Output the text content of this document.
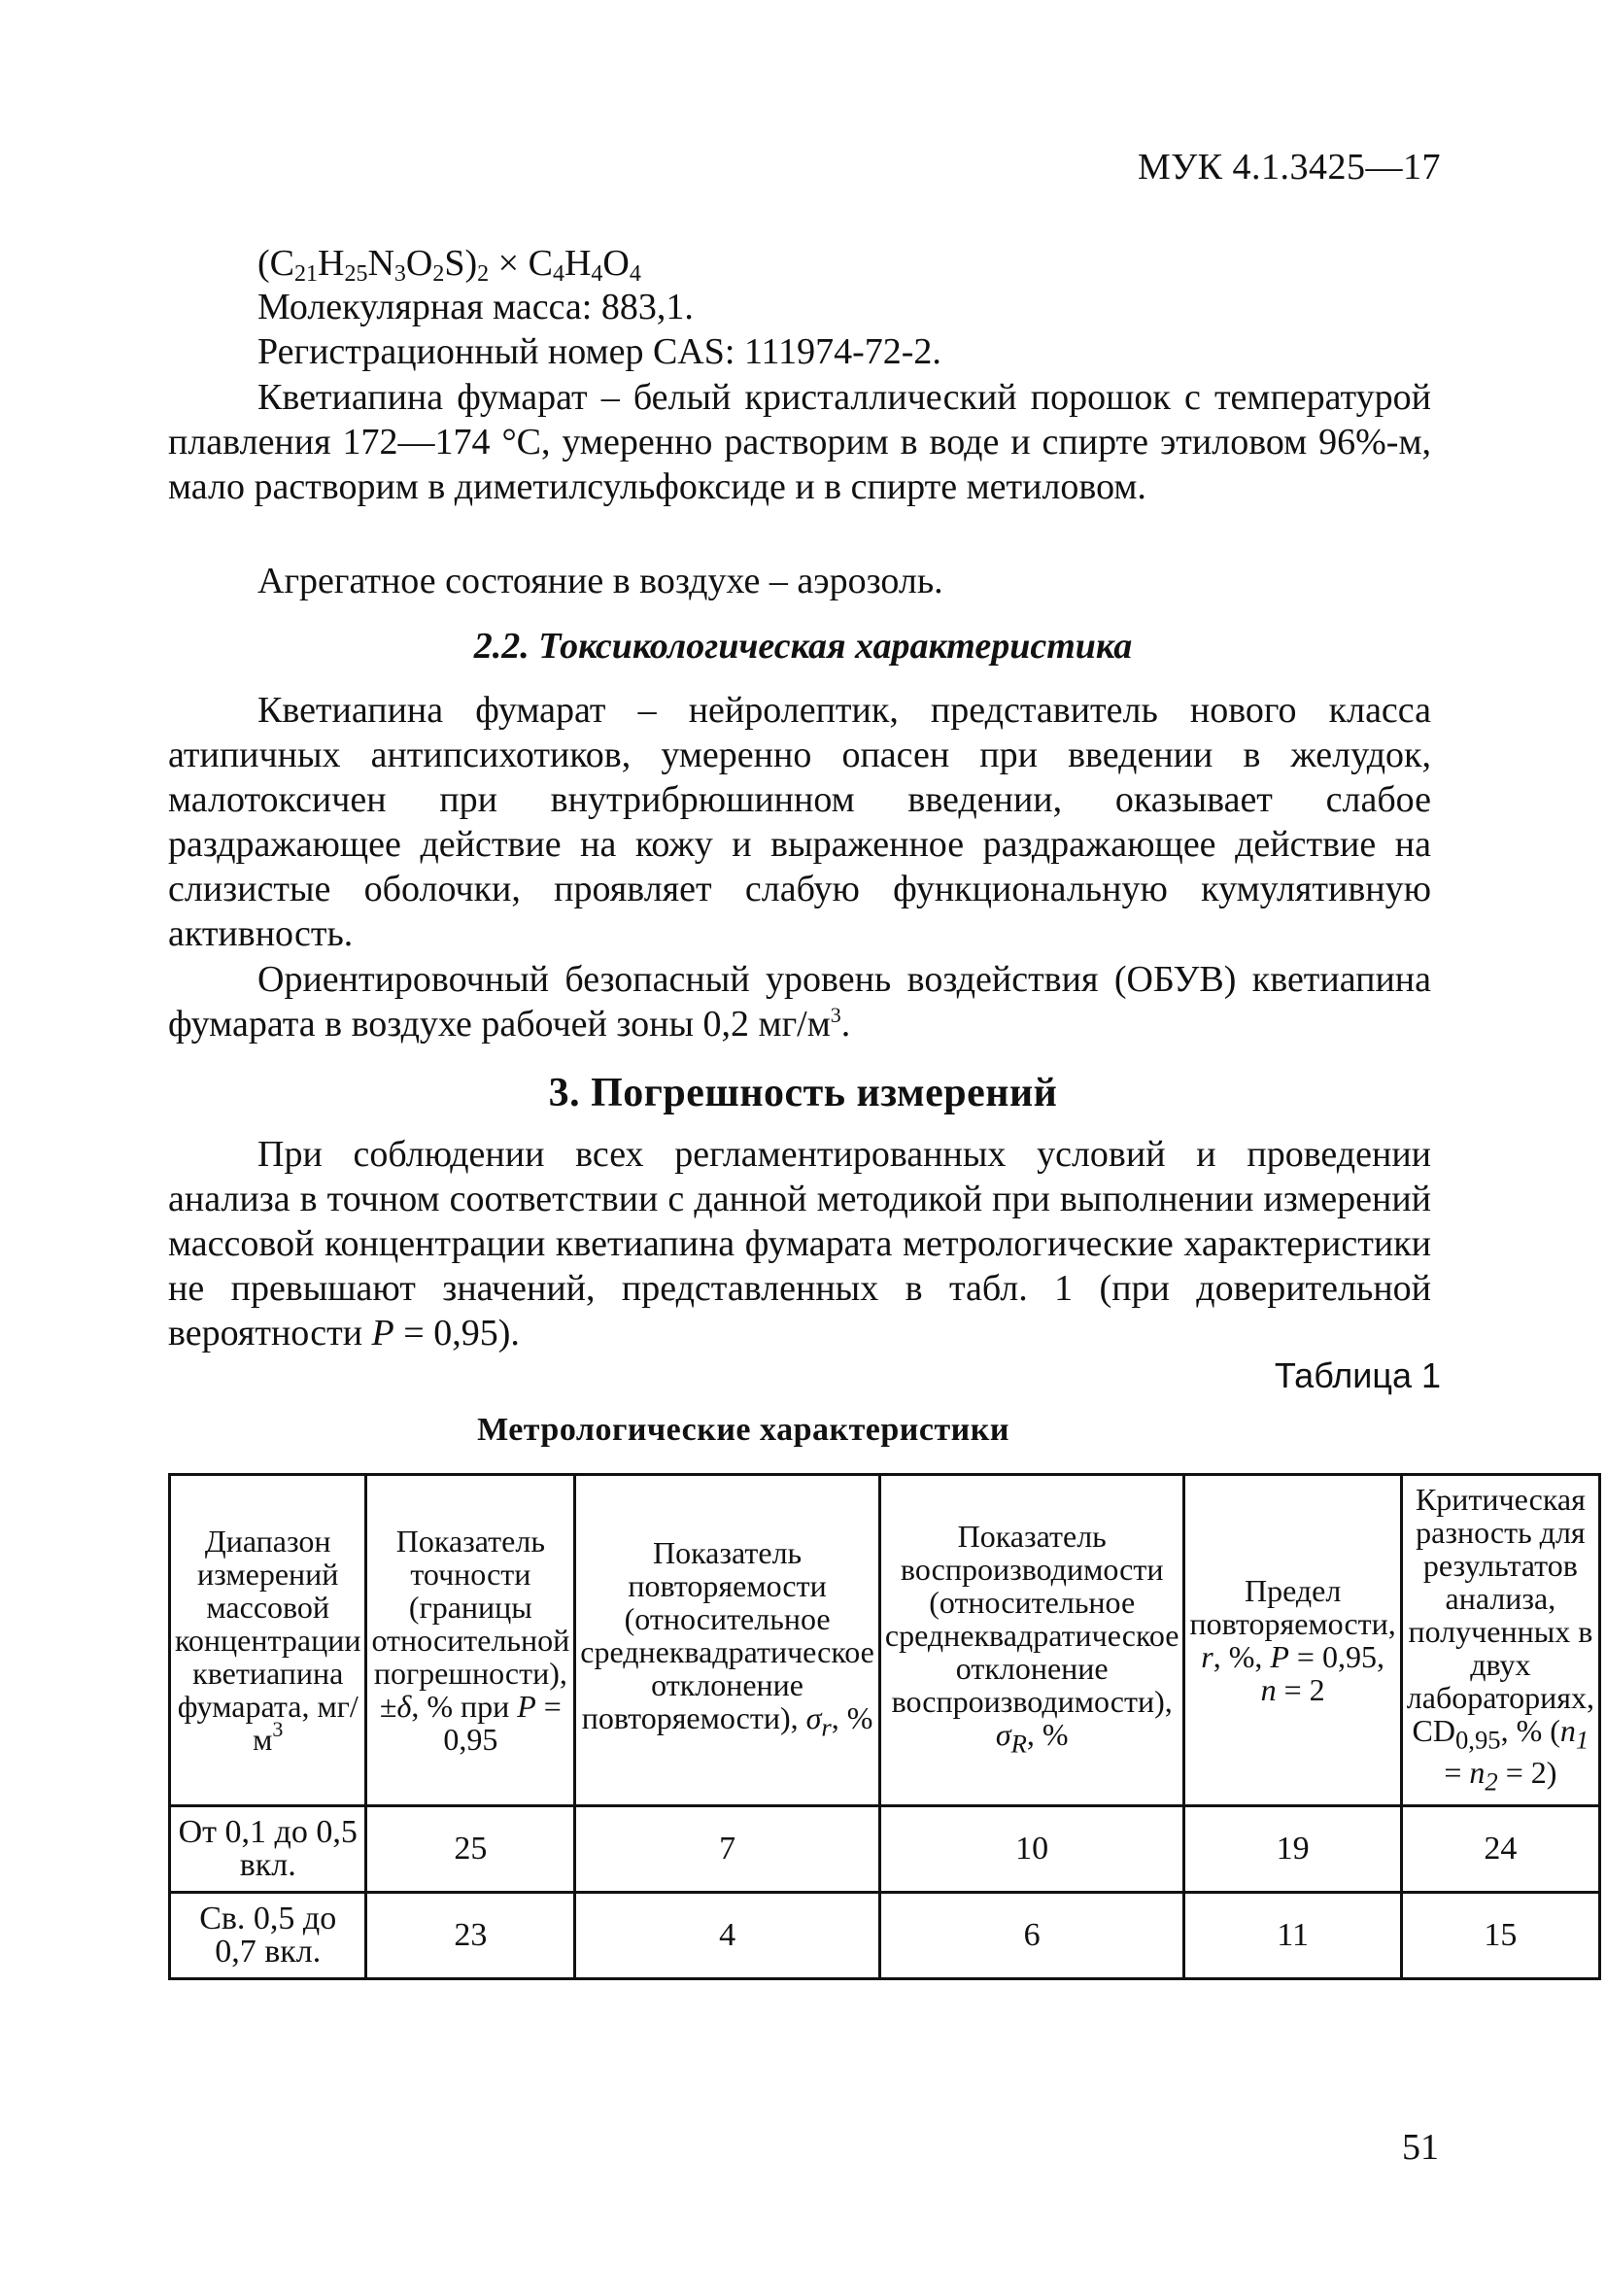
МУК 4.1.3425—17
$(C_{21}H_{25}N_3O_2S)_2 \times C_4H_4O_4$
Молекулярная масса: 883,1.
Регистрационный номер CAS: 111974-72-2.

Кветиапина фумарат – белый кристаллический порошок с температурой плавления 172—174 °С, умеренно растворим в воде и спирте этиловом 96%-м, мало растворим в диметилсульфоксиде и в спирте метиловом.

Агрегатное состояние в воздухе – аэрозоль.
2.2. Токсикологическая характеристика

Кветиапина фумарат – нейролептик, представитель нового класса атипичных антипсихотиков, умеренно опасен при введении в желудок, малотоксичен при внутрибрюшинном введении, оказывает слабое раздражающее действие на кожу и выраженное раздражающее действие на слизистые оболочки, проявляет слабую функциональную кумулятивную активность.

Ориентировочный безопасный уровень воздействия (ОБУВ) кветиапина фумарата в воздухе рабочей зоны 0,2 $мг/м^3$.

3. Погрешность измерений

При соблюдении всех регламентированных условий и проведении анализа в точном соответствии с данной методикой при выполнении измерений массовой концентрации кветиапина фумарата метрологические характеристики не превышают значений, представленных в табл. 1 (при доверительной вероятности P = 0,95).

Таблица 1
Метрологические характеристики
Диапазон измерений массовой концентрации кветиапина фумарата, $мг/м^3$	Показатель точности (границы относительной погрешности), ±δ, % при P = 0,95	Показатель повторяемости (относительное среднеквадратическое отклонение повторяемости), $\sigma_r$, %	Показатель воспроизводимости (относительное среднеквадратическое отклонение воспроизводимости), $\sigma_R$, %	Предел повторяемости, r, %, P = 0,95, n = 2	Критическая разность для результатов анализа, полученных в двух лабораториях, $CD_{0,95}$, % $(n_1 = n_2 = 2)$
От 0,1 до 0,5 вкл.	25	7	10	19	24
Св. 0,5 до 0,7 вкл.	23	4	6	11	15
51
